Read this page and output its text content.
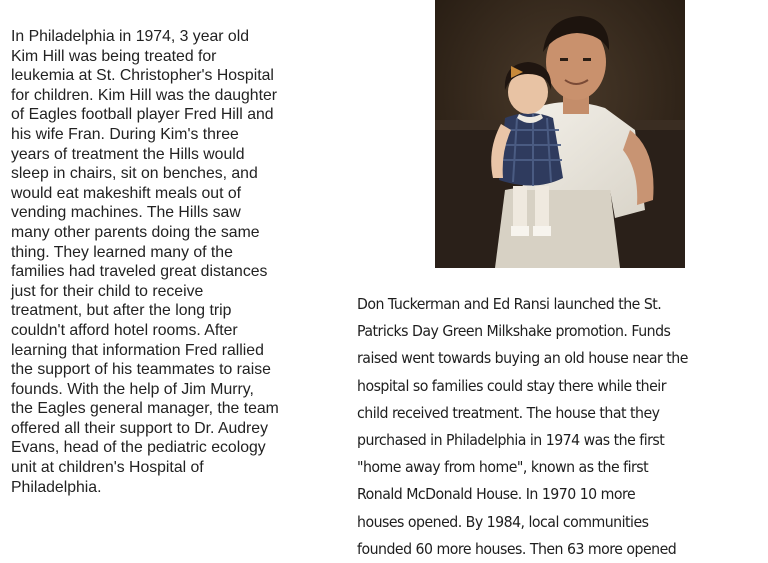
In Philadelphia in 1974, 3 year old
Kim Hill was being treated for
leukemia at St. Christopher's Hospital
for children. Kim Hill was the daughter
of Eagles football player Fred Hill and
his wife Fran. During Kim's three
years of treatment the Hills would
sleep in chairs, sit on benches, and
would eat makeshift meals out of
vending machines. The Hills saw
many other parents doing the same
thing. They learned many of the
families had traveled great distances
just for their child to receive
treatment, but after the long trip
couldn't afford hotel rooms. After
learning that information Fred rallied
the support of his teammates to raise
founds. With the help of Jim Murry,
the Eagles general manager, the team
offered all their support to Dr. Audrey
Evans, head of the pediatric ecology
unit at children's Hospital of
Philadelphia.

Don Tuckerman and Ed Ransi launched the St.
Patricks Day Green Milkshake promotion. Funds
raised went towards buying an old house near the
hospital so families could stay there while their
child received treatment. The house that they
purchased in Philadelphia in 1974 was the first
"home away from home", known as the first
Ronald McDonald House. In 1970 10 more
houses opened. By 1984, local communities
founded 60 more houses. Then 63 more opened
